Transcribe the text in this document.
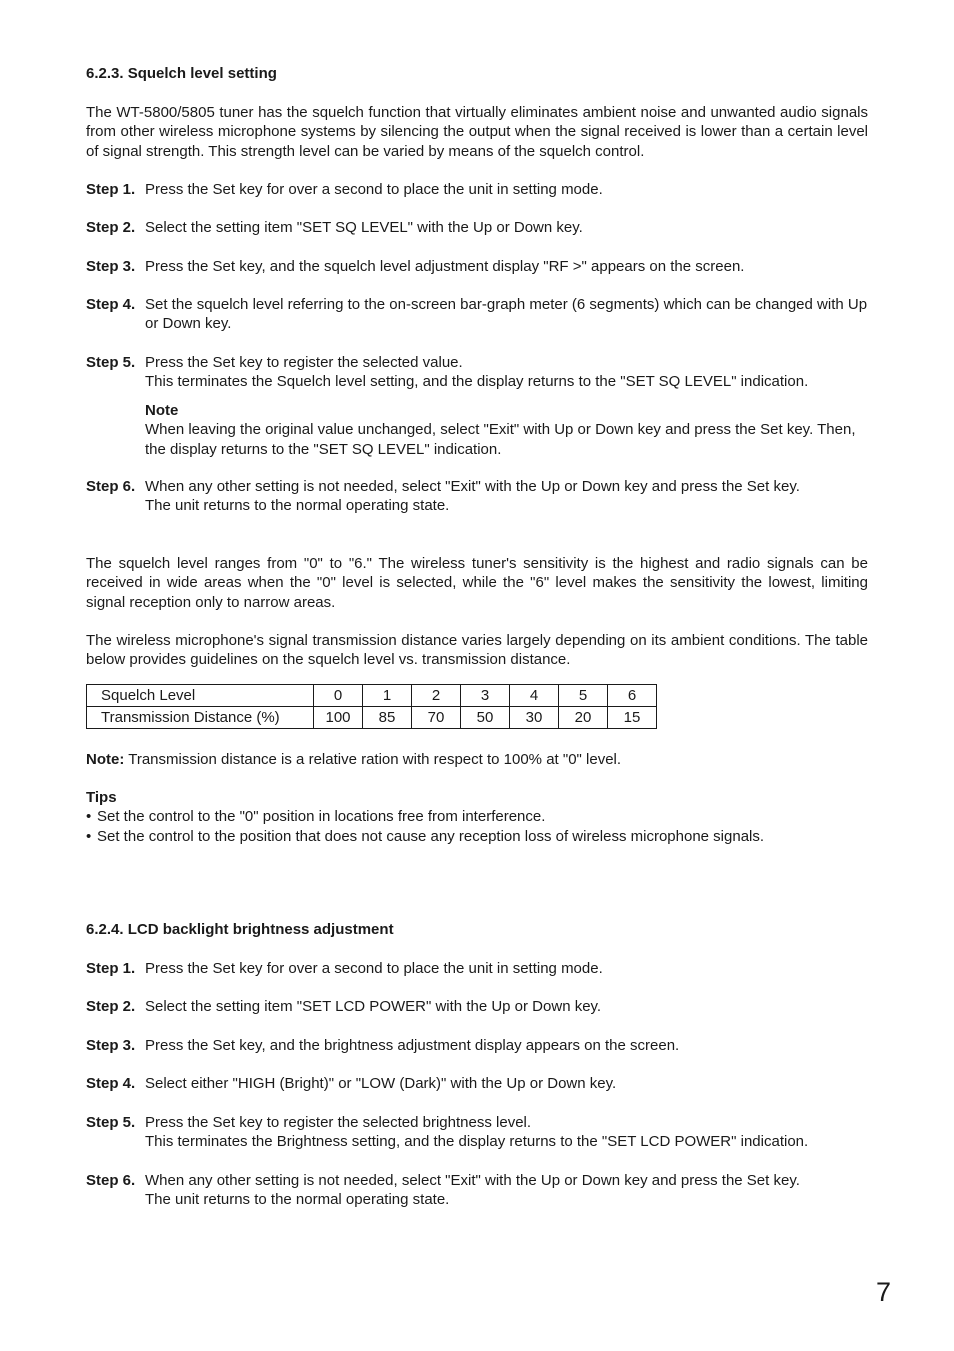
6.2.3. Squelch level setting
The WT-5800/5805 tuner has the squelch function that virtually eliminates ambient noise and unwanted audio signals from other wireless microphone systems by silencing the output when the signal received is lower than a certain level of signal strength. This strength level can be varied by means of the squelch control.
Step 1. Press the Set key for over a second to place the unit in setting mode.
Step 2. Select the setting item "SET SQ LEVEL" with the Up or Down key.
Step 3. Press the Set key, and the squelch level adjustment display "RF >" appears on the screen.
Step 4. Set the squelch level referring to the on-screen bar-graph meter (6 segments) which can be changed with Up or Down key.
Step 5. Press the Set key to register the selected value.
This terminates the Squelch level setting, and the display returns to the "SET SQ LEVEL" indication.
Note
When leaving the original value unchanged, select "Exit" with Up or Down key and press the Set key. Then, the display returns to the "SET SQ LEVEL" indication.
Step 6. When any other setting is not needed, select "Exit" with the Up or Down key and press the Set key.
The unit returns to the normal operating state.
The squelch level ranges from "0" to "6." The wireless tuner's sensitivity is the highest and radio signals can be received in wide areas when the "0" level is selected, while the "6" level makes the sensitivity the lowest, limiting signal reception only to narrow areas.
The wireless microphone's signal transmission distance varies largely depending on its ambient conditions. The table below provides guidelines on the squelch level vs. transmission distance.
Squelch Level	0	1	2	3	4	5	6
Transmission Distance (%)	100	85	70	50	30	20	15
Note: Transmission distance is a relative ration with respect to 100% at "0" level.
Tips
• Set the control to the "0" position in locations free from interference.
• Set the control to the position that does not cause any reception loss of wireless microphone signals.
6.2.4. LCD backlight brightness adjustment
Step 1. Press the Set key for over a second to place the unit in setting mode.
Step 2. Select the setting item "SET LCD POWER" with the Up or Down key.
Step 3. Press the Set key, and the brightness adjustment display appears on the screen.
Step 4. Select either "HIGH (Bright)" or "LOW (Dark)" with the Up or Down key.
Step 5. Press the Set key to register the selected brightness level.
This terminates the Brightness setting, and the display returns to the "SET LCD POWER" indication.
Step 6. When any other setting is not needed, select "Exit" with the Up or Down key and press the Set key.
The unit returns to the normal operating state.
7
